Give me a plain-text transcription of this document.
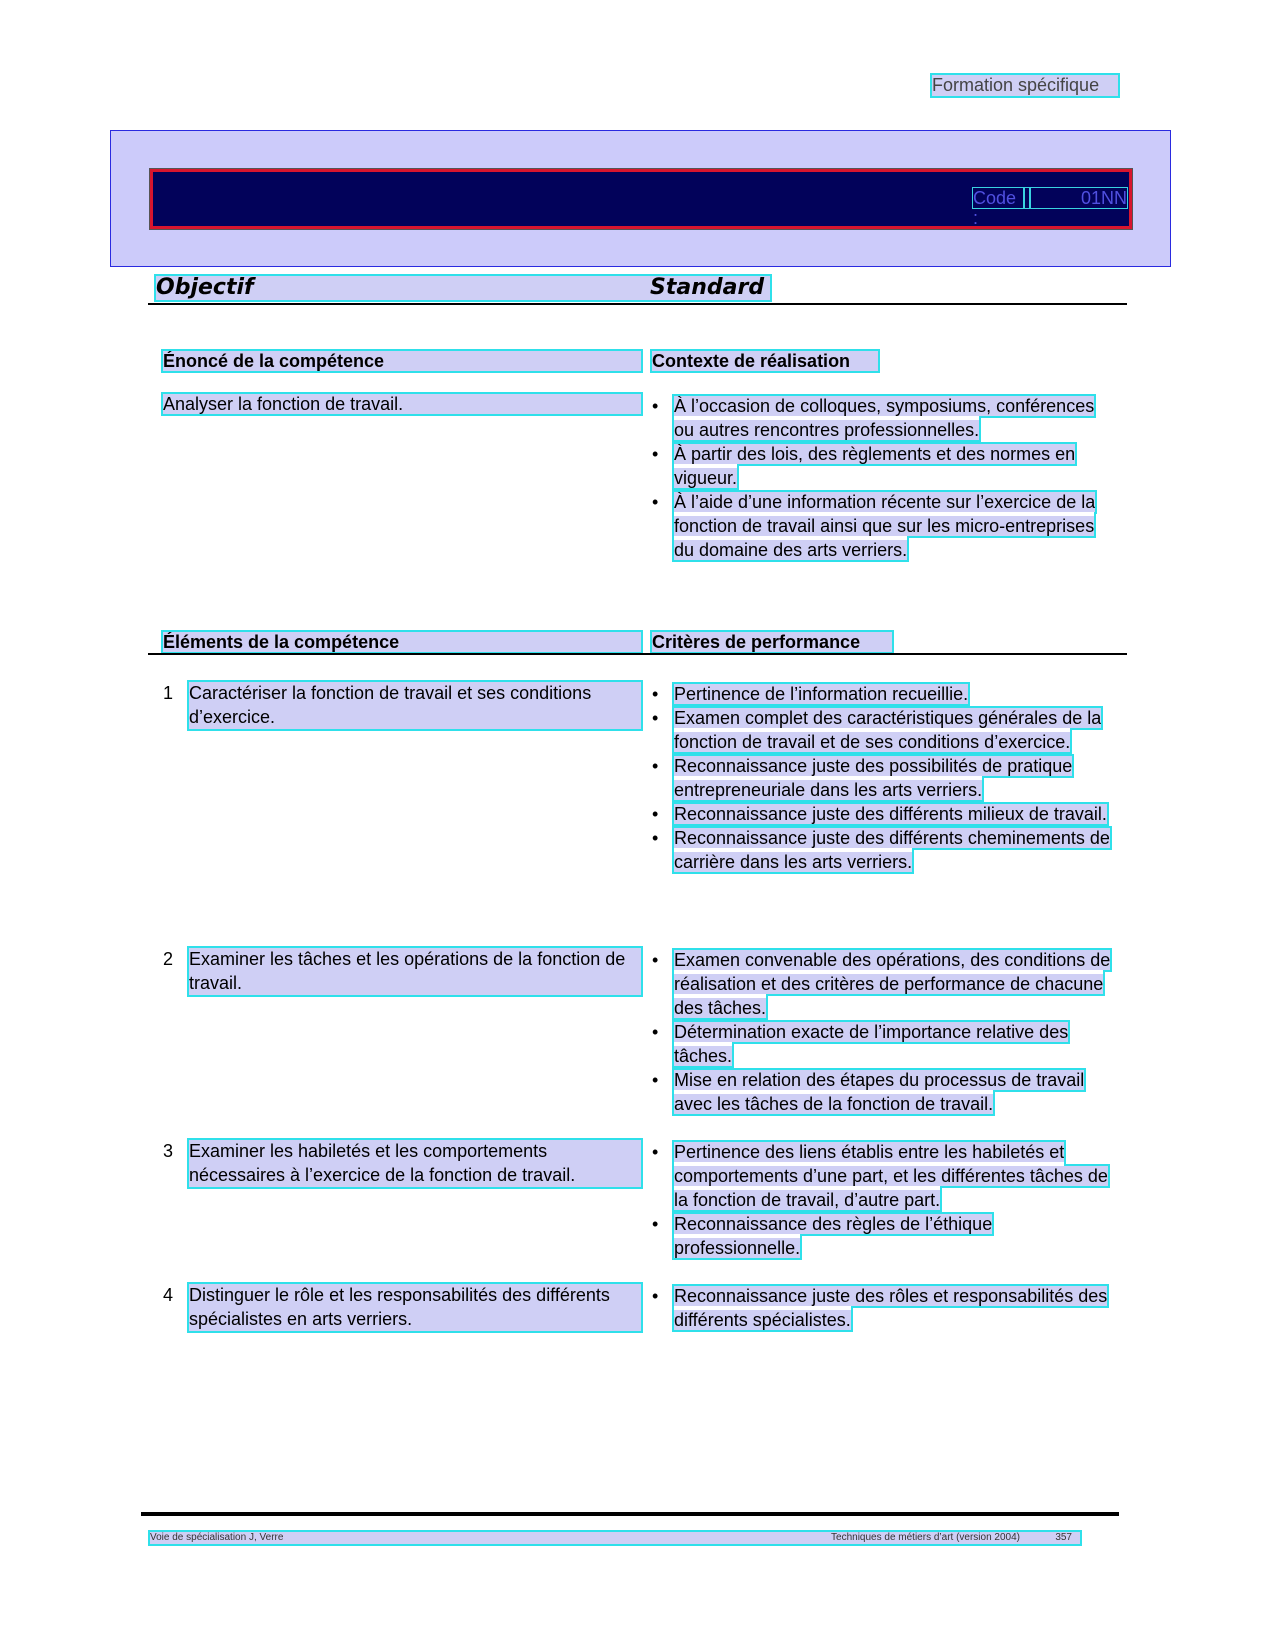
Formation spécifique
Code :
01NN
Objectif	Standard
Énoncé de la compétence	Contexte de réalisation
Analyser la fonction de travail.	• À l’occasion de colloques, symposiums, conférences ou autres rencontres professionnelles.
• À partir des lois, des règlements et des normes en vigueur.
• À l’aide d’une information récente sur l’exercice de la fonction de travail ainsi que sur les micro-entreprises du domaine des arts verriers.
Éléments de la compétence	Critères de performance
1 Caractériser la fonction de travail et ses conditions d’exercice.
• Pertinence de l’information recueillie.
• Examen complet des caractéristiques générales de la fonction de travail et de ses conditions d’exercice.
• Reconnaissance juste des possibilités de pratique entrepreneuriale dans les arts verriers.
• Reconnaissance juste des différents milieux de travail.
• Reconnaissance juste des différents cheminements de carrière dans les arts verriers.
2 Examiner les tâches et les opérations de la fonction de travail.
• Examen convenable des opérations, des conditions de réalisation et des critères de performance de chacune des tâches.
• Détermination exacte de l’importance relative des tâches.
• Mise en relation des étapes du processus de travail avec les tâches de la fonction de travail.
3 Examiner les habiletés et les comportements nécessaires à l’exercice de la fonction de travail.
• Pertinence des liens établis entre les habiletés et comportements d’une part, et les différentes tâches de la fonction de travail, d’autre part.
• Reconnaissance des règles de l’éthique professionnelle.
4 Distinguer le rôle et les responsabilités des différents spécialistes en arts verriers.
• Reconnaissance juste des rôles et responsabilités des différents spécialistes.
Voie de spécialisation J, Verre	Techniques de métiers d’art (version 2004)	357
